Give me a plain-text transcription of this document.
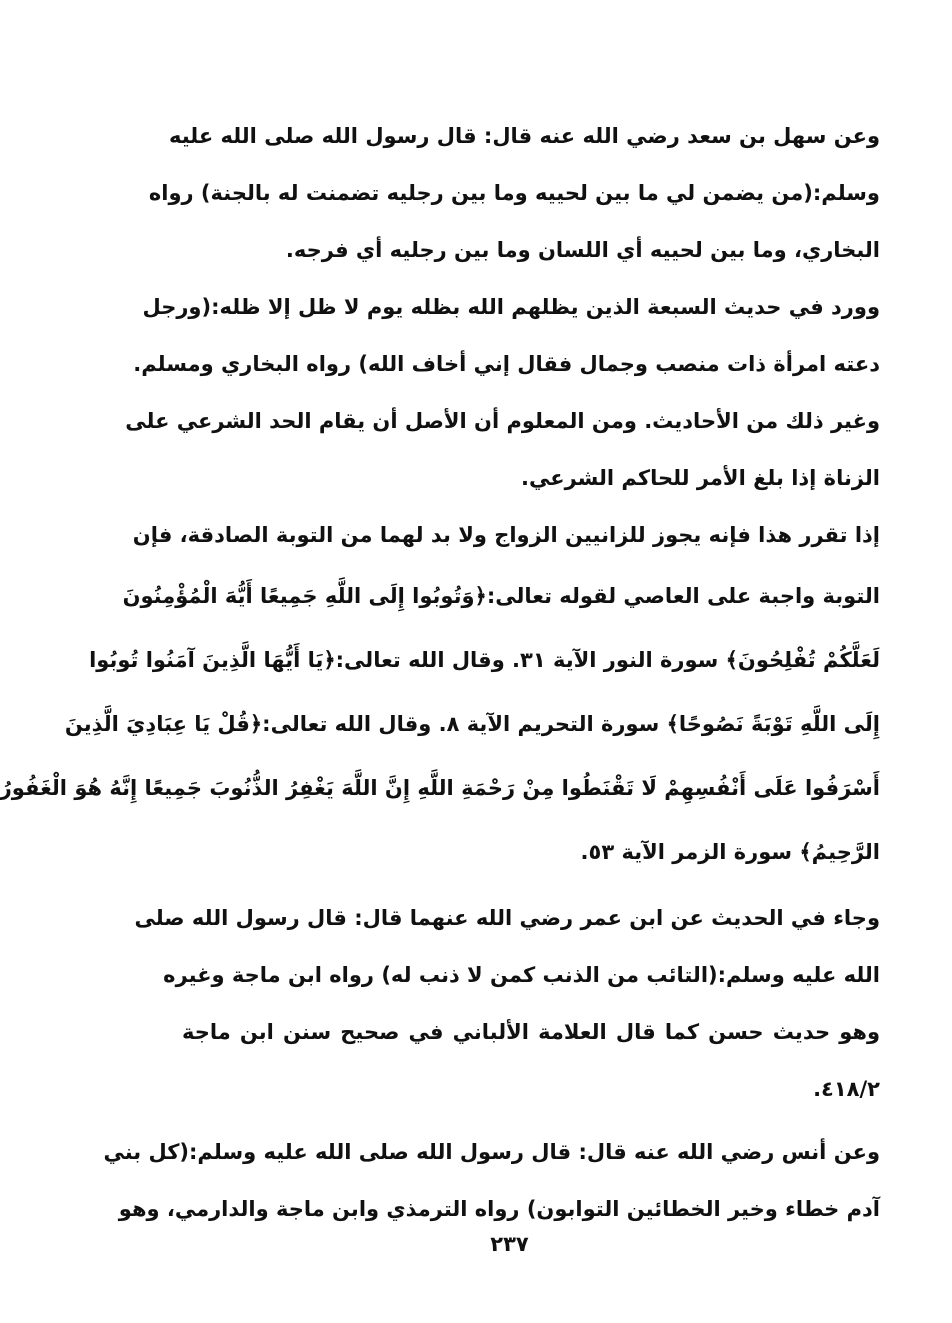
وعن سهل بن سعد رضي الله عنه قال: قال رسول الله صلى الله عليه
وسلم:(من يضمن لي ما بين لحييه وما بين رجليه تضمنت له بالجنة) رواه
البخاري، وما بين لحييه أي اللسان وما بين رجليه أي فرجه.
وورد في حديث السبعة الذين يظلهم الله بظله يوم لا ظل إلا ظله:(ورجل
دعته امرأة ذات منصب وجمال فقال إني أخاف الله) رواه البخاري ومسلم.
وغير ذلك من الأحاديث. ومن المعلوم أن الأصل أن يقام الحد الشرعي على
الزناة إذا بلغ الأمر للحاكم الشرعي.
إذا تقرر هذا فإنه يجوز للزانيين الزواج ولا بد لهما من التوبة الصادقة، فإن
التوبة واجبة على العاصي لقوله تعالى:﴿وَتُوبُوا إِلَى اللَّهِ جَمِيعًا أَيُّهَ الْمُؤْمِنُونَ
لَعَلَّكُمْ تُفْلِحُونَ﴾ سورة النور الآية ٣١. وقال الله تعالى:﴿يَا أَيُّهَا الَّذِينَ آمَنُوا تُوبُوا
إِلَى اللَّهِ تَوْبَةً نَصُوحًا﴾ سورة التحريم الآية ٨. وقال الله تعالى:﴿قُلْ يَا عِبَادِيَ الَّذِينَ
أَسْرَفُوا عَلَى أَنْفُسِهِمْ لَا تَقْنَطُوا مِنْ رَحْمَةِ اللَّهِ إِنَّ اللَّهَ يَغْفِرُ الذُّنُوبَ جَمِيعًا إِنَّهُ هُوَ الْغَفُورُ
الرَّحِيمُ﴾ سورة الزمر الآية ٥٣.
وجاء في الحديث عن ابن عمر رضي الله عنهما قال: قال رسول الله صلى
الله عليه وسلم:(التائب من الذنب كمن لا ذنب له) رواه ابن ماجة وغيره
وهو حديث حسن كما قال العلامة الألباني في صحيح سنن ابن ماجة
٤١٨/٢.
وعن أنس رضي الله عنه قال: قال رسول الله صلى الله عليه وسلم:(كل بني
آدم خطاء وخير الخطائين التوابون) رواه الترمذي وابن ماجة والدارمي، وهو
٢٣٧
